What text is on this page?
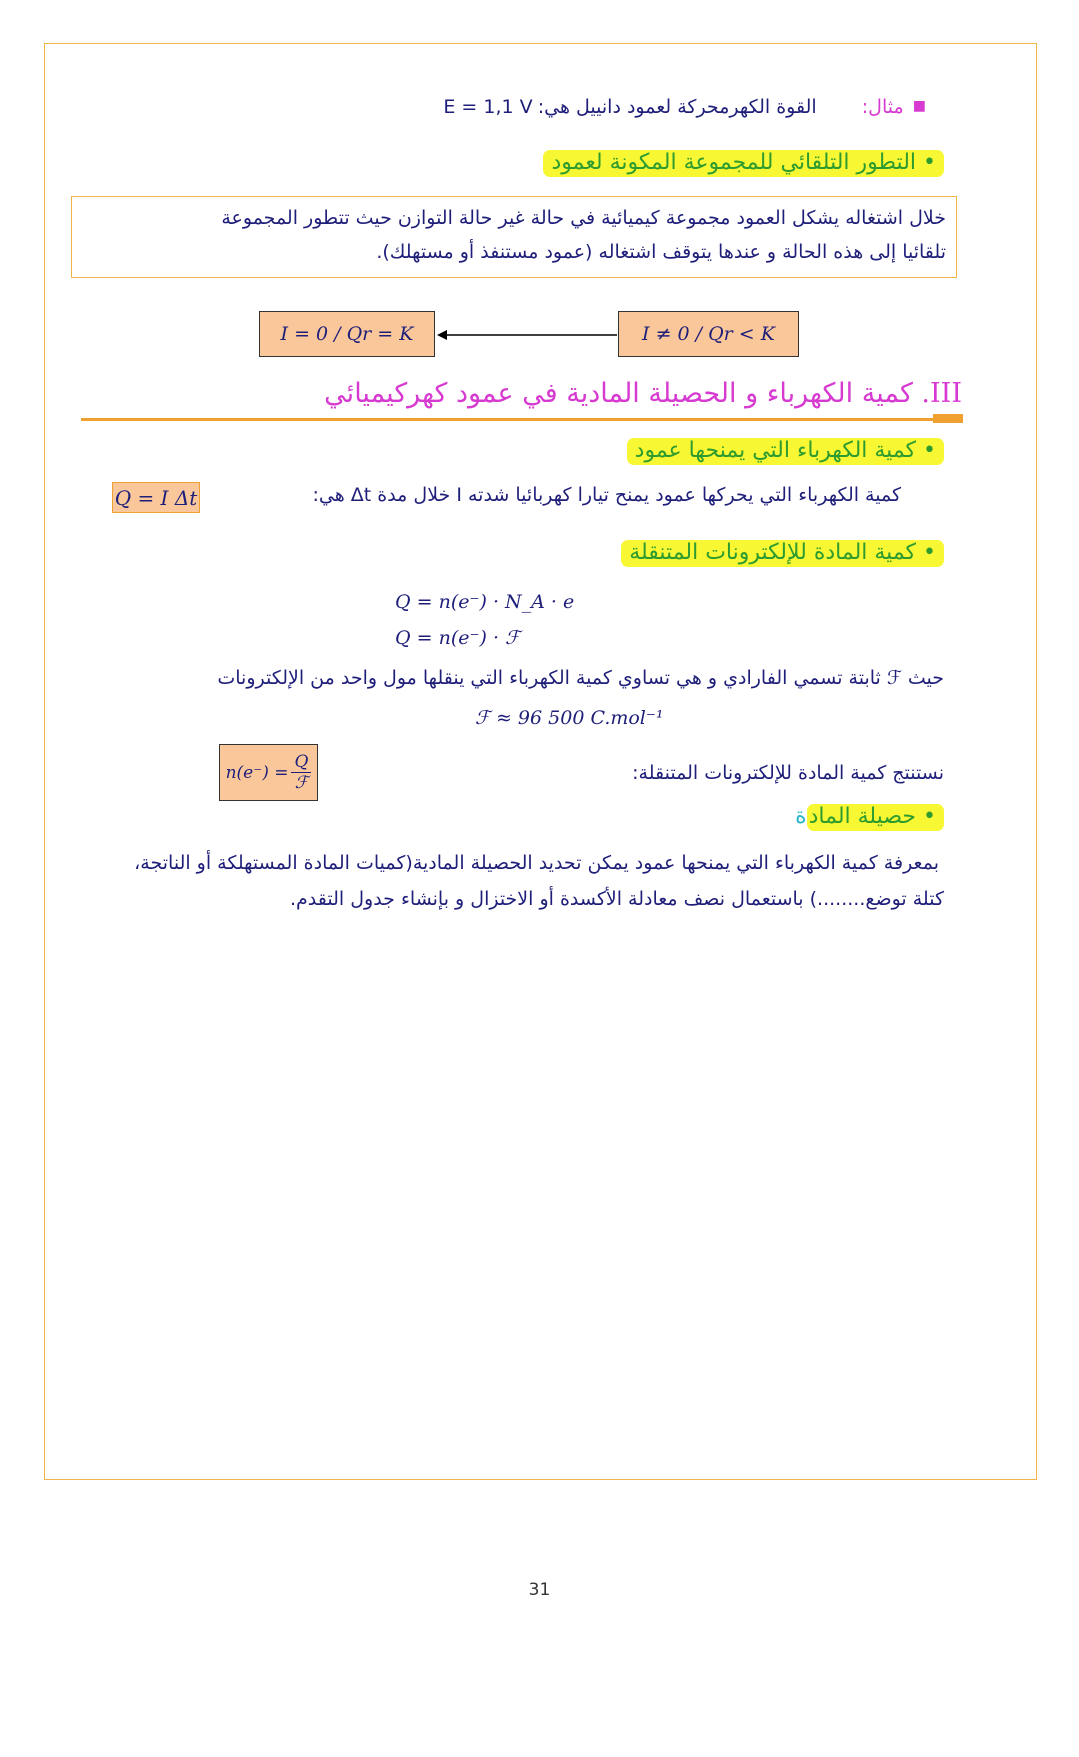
■ مثال: القوة الكهرمحركة لعمود دانييل هي: E = 1,1 V
• التطور التلقائي للمجموعة المكونة لعمود
خلال اشتغاله يشكل العمود مجموعة كيميائية في حالة غير حالة التوازن حيث تتطور المجموعة
تلقائيا إلى هذه الحالة و عندها يتوقف اشتغاله (عمود مستنفذ أو مستهلك).
I = 0 / Qr = K	I ≠ 0 / Qr < K
III. كمية الكهرباء و الحصيلة المادية في عمود كهركيميائي
• كمية الكهرباء التي يمنحها عمود
كمية الكهرباء التي يحركها عمود يمنح تيارا كهربائيا شدته I خلال مدة Δt هي:
Q = I Δt
• كمية المادة للإلكترونات المتنقلة
Q = n(e⁻) · N_A · e
Q = n(e⁻) · ℱ
حيث ℱ ثابتة تسمي الفارادي و هي تساوي كمية الكهرباء التي ينقلها مول واحد من الإلكترونات
ℱ ≈ 96 500 C.mol⁻¹
نستنتج كمية المادة للإلكترونات المتنقلة:
n(e⁻) =
Q
ℱ
• حصيلة المادة
بمعرفة كمية الكهرباء التي يمنحها عمود يمكن تحديد الحصيلة المادية(كميات المادة المستهلكة أو الناتجة،
كتلة توضع........) باستعمال نصف معادلة الأكسدة أو الاختزال و بإنشاء جدول التقدم.
31
